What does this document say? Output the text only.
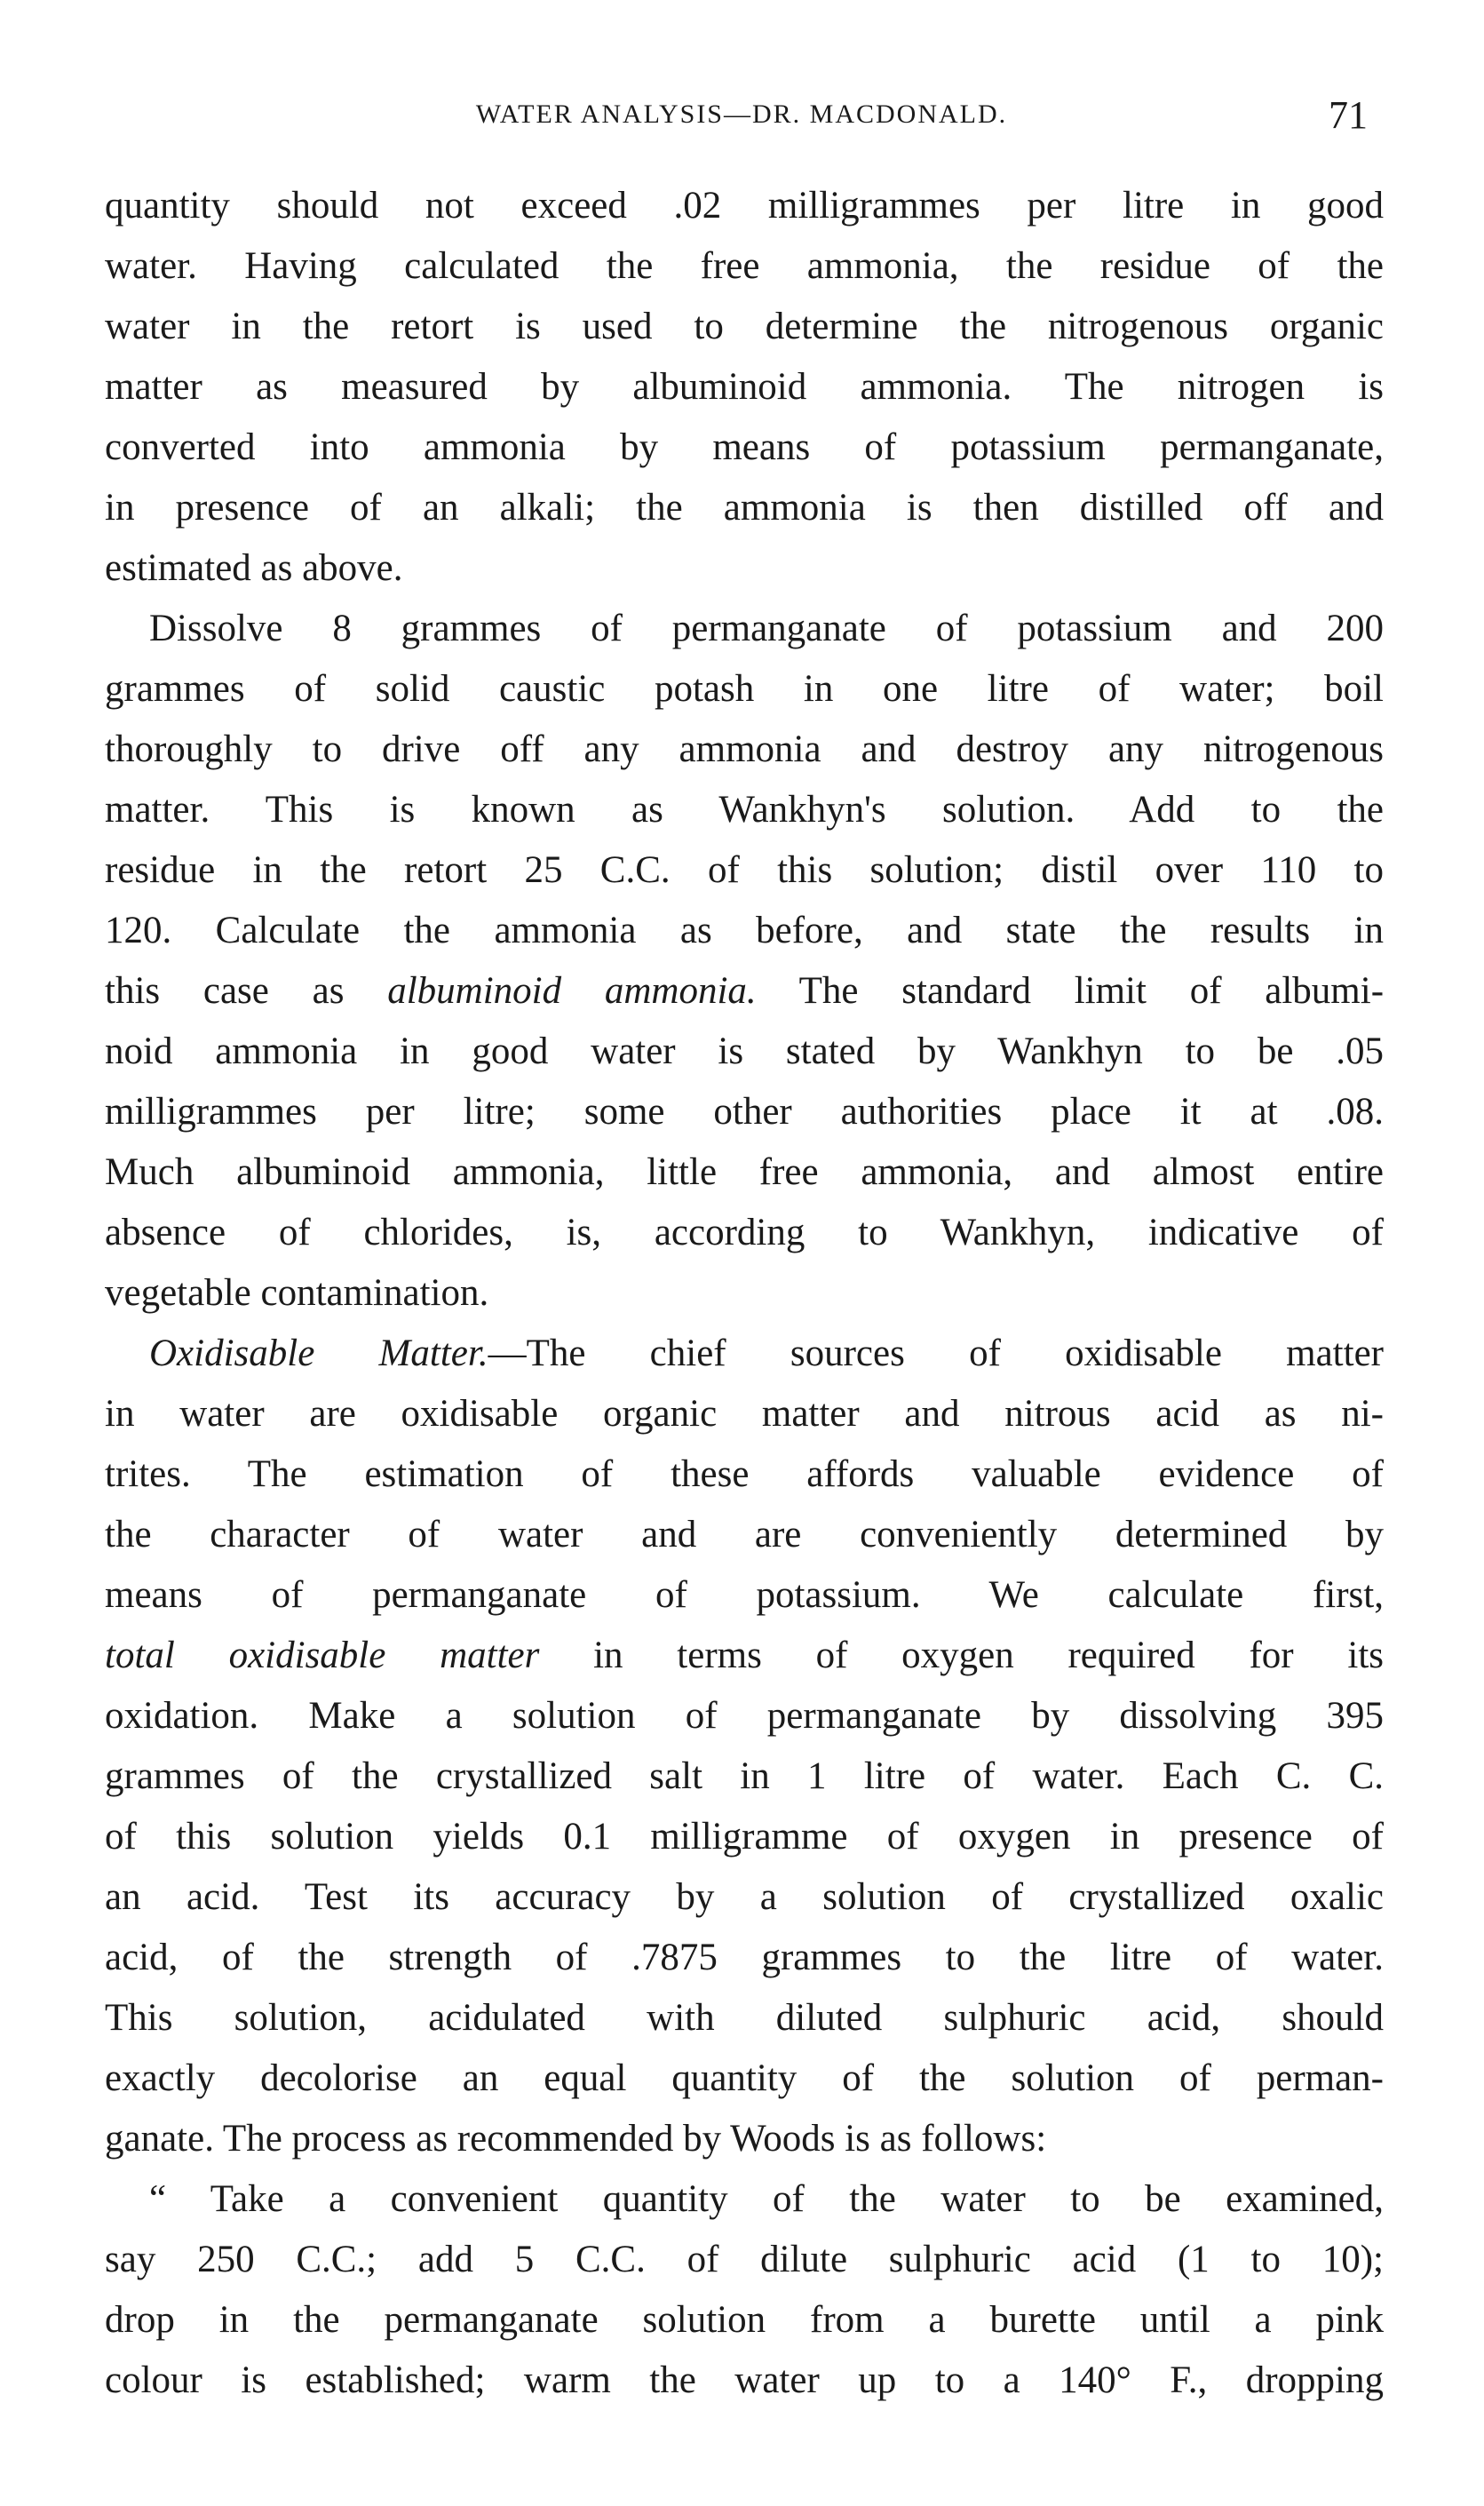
WATER ANALYSIS—DR. MACDONALD.	71
quantity should not exceed .02 milligrammes per litre in good
water. Having calculated the free ammonia, the residue of the
water in the retort is used to determine the nitrogenous organic
matter as measured by albuminoid ammonia. The nitrogen is
converted into ammonia by means of potassium permanganate,
in presence of an alkali; the ammonia is then distilled off and
estimated as above.
Dissolve 8 grammes of permanganate of potassium and 200
grammes of solid caustic potash in one litre of water; boil
thoroughly to drive off any ammonia and destroy any nitrogenous
matter. This is known as Wankhyn's solution. Add to the
residue in the retort 25 C.C. of this solution; distil over 110 to
120. Calculate the ammonia as before, and state the results in
this case as albuminoid ammonia. The standard limit of albumi-
noid ammonia in good water is stated by Wankhyn to be .05
milligrammes per litre; some other authorities place it at .08.
Much albuminoid ammonia, little free ammonia, and almost entire
absence of chlorides, is, according to Wankhyn, indicative of
vegetable contamination.
Oxidisable Matter.—The chief sources of oxidisable matter
in water are oxidisable organic matter and nitrous acid as ni-
trites. The estimation of these affords valuable evidence of
the character of water and are conveniently determined by
means of permanganate of potassium. We calculate first,
total oxidisable matter in terms of oxygen required for its
oxidation. Make a solution of permanganate by dissolving 395
grammes of the crystallized salt in 1 litre of water. Each C. C.
of this solution yields 0.1 milligramme of oxygen in presence of
an acid. Test its accuracy by a solution of crystallized oxalic
acid, of the strength of .7875 grammes to the litre of water.
This solution, acidulated with diluted sulphuric acid, should
exactly decolorise an equal quantity of the solution of perman-
ganate. The process as recommended by Woods is as follows:
“ Take a convenient quantity of the water to be examined,
say 250 C.C.; add 5 C.C. of dilute sulphuric acid (1 to 10);
drop in the permanganate solution from a burette until a pink
colour is established; warm the water up to a 140° F., dropping
